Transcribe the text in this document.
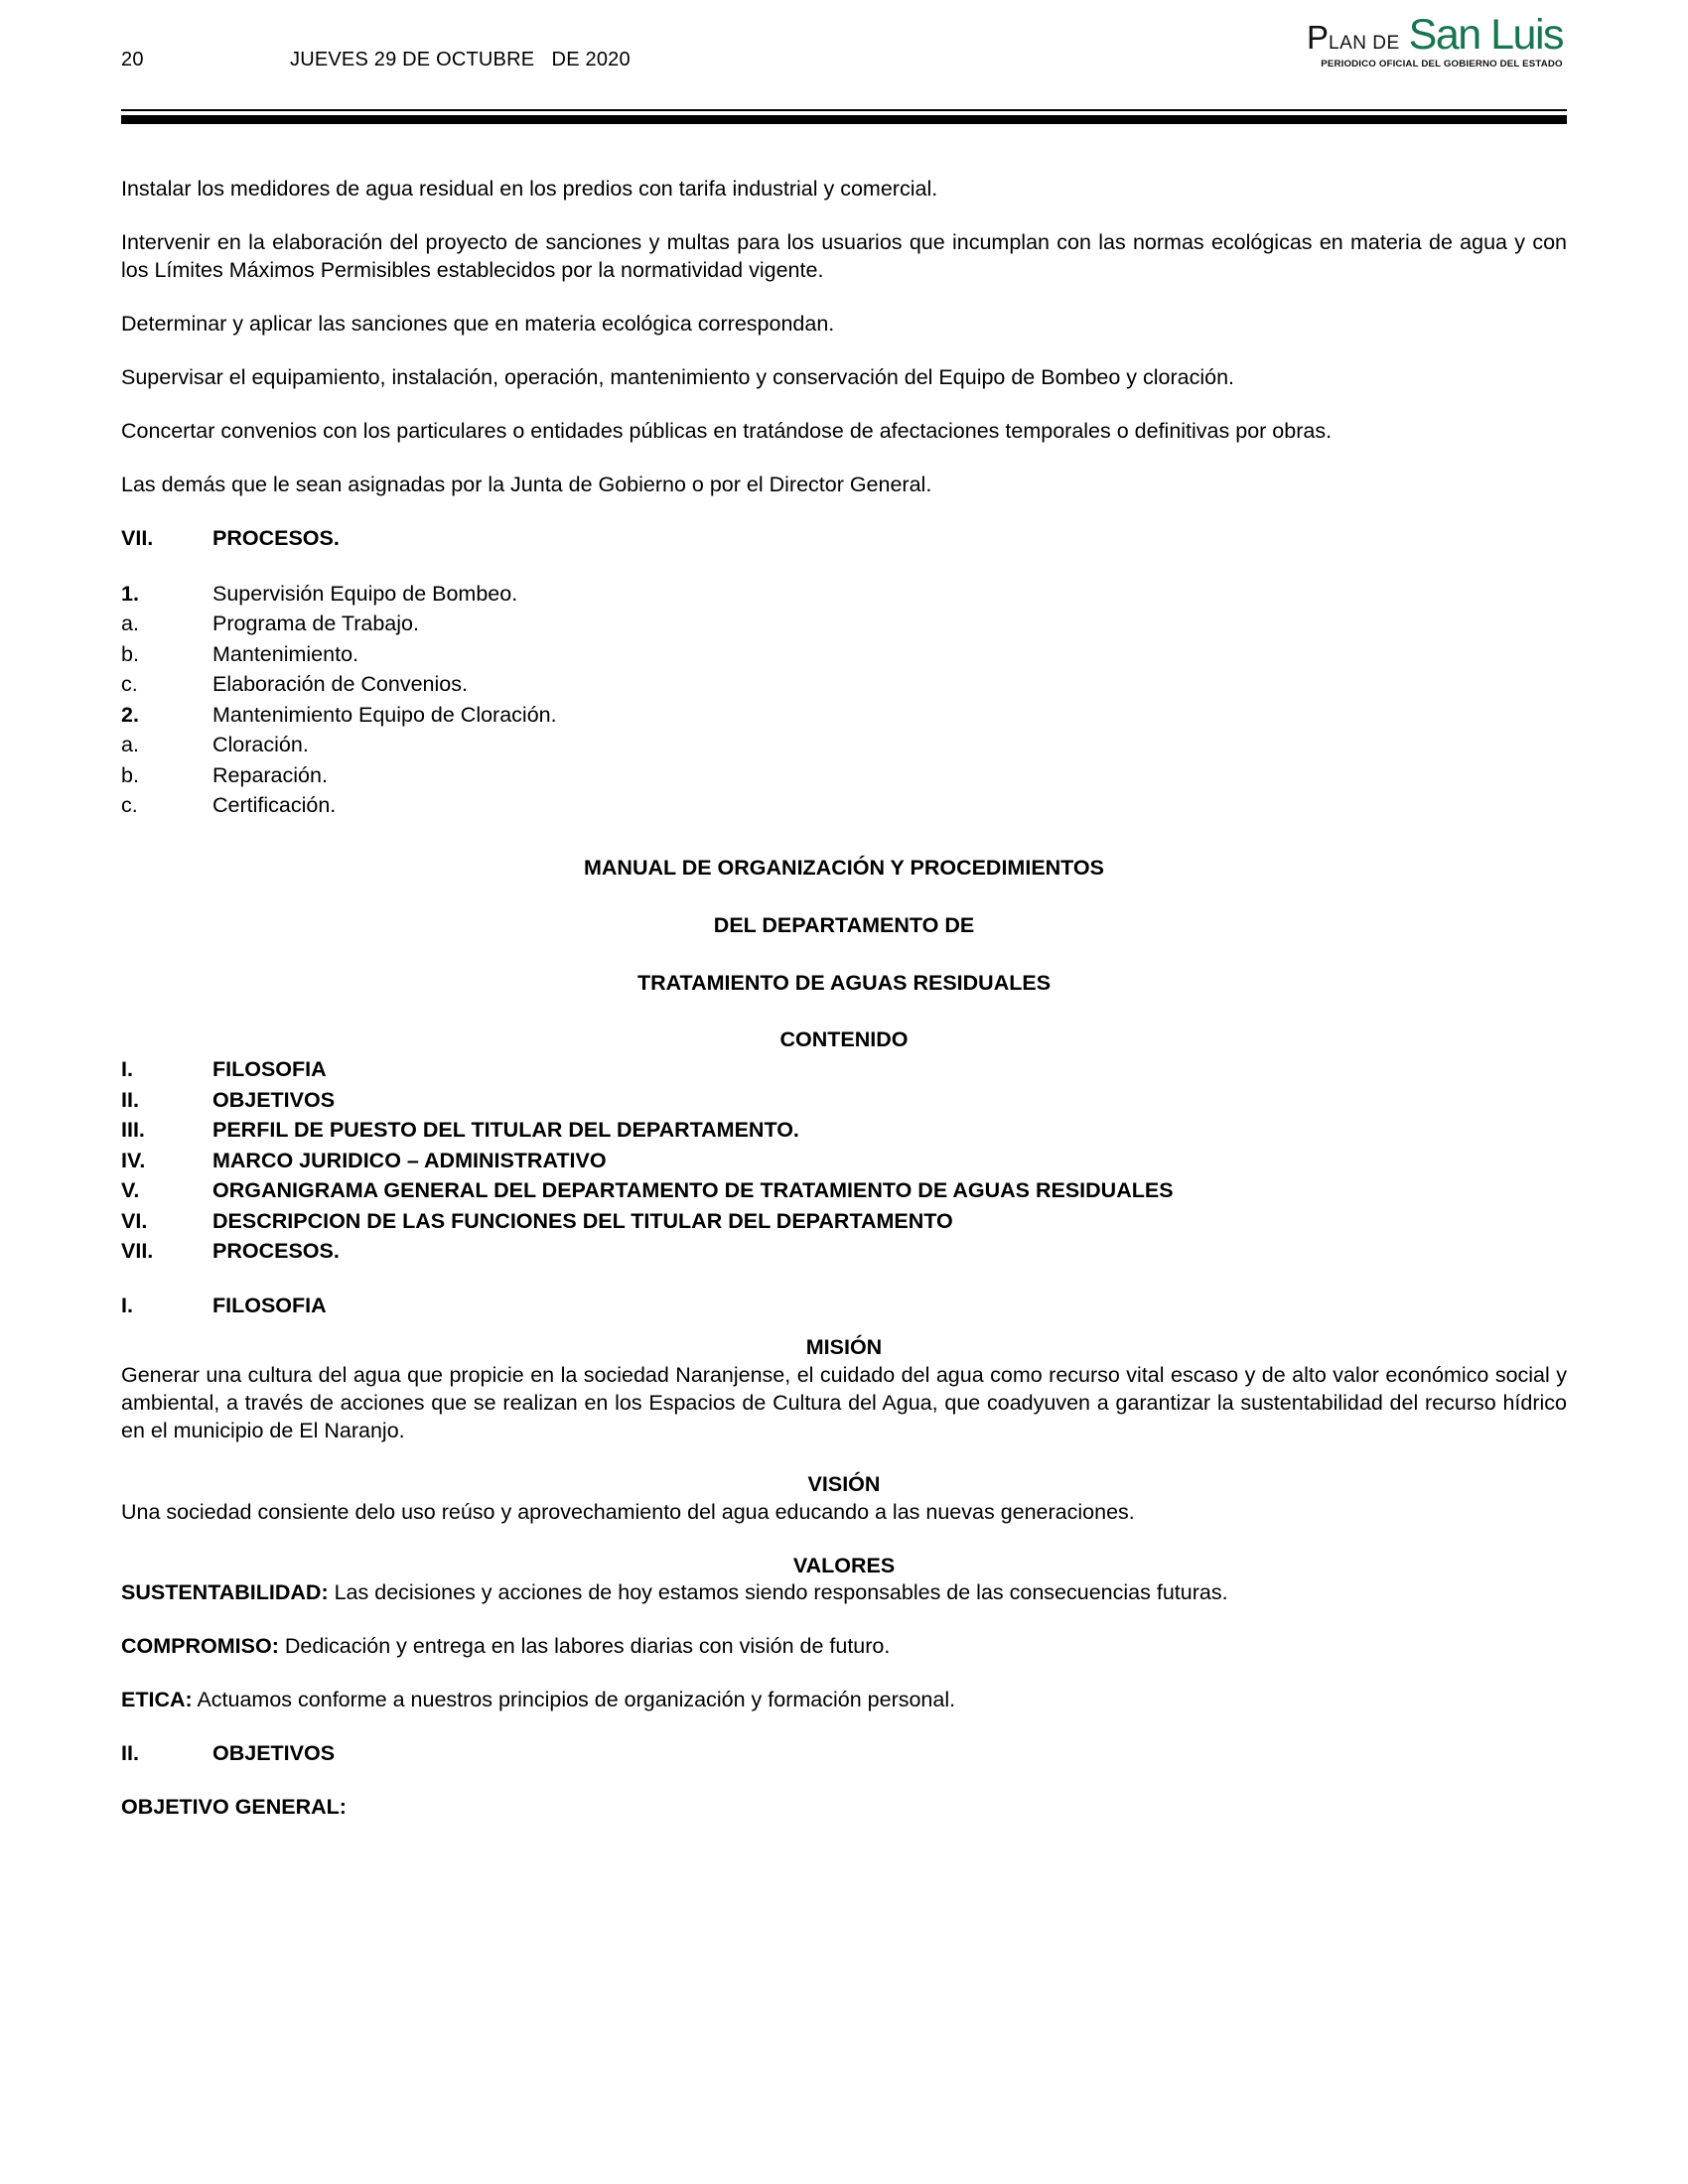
20	JUEVES 29 DE OCTUBRE   DE 2020
P LAN DE San Luis
PERIODICO OFICIAL DEL GOBIERNO DEL ESTADO

Instalar los medidores de agua residual en los predios con tarifa industrial y comercial.

Intervenir en la elaboración del proyecto de sanciones y multas para los usuarios que incumplan con las normas ecológicas en materia de agua y con los Límites Máximos Permisibles establecidos por la normatividad vigente.

Determinar y aplicar las sanciones que en materia ecológica correspondan.

Supervisar el equipamiento, instalación, operación, mantenimiento y conservación del Equipo de Bombeo y cloración.

Concertar convenios con los particulares o entidades públicas en tratándose de afectaciones temporales o definitivas por obras.

Las demás que le sean asignadas por la Junta de Gobierno o por el Director General.

VII.	PROCESOS.
1.	Supervisión Equipo de Bombeo.
a.	Programa de Trabajo.
b.	Mantenimiento.
c.	Elaboración de Convenios.
2.	Mantenimiento Equipo de Cloración.
a.	Cloración.
b.	Reparación.
c.	Certificación.
MANUAL DE ORGANIZACIÓN Y PROCEDIMIENTOS
DEL DEPARTAMENTO DE
TRATAMIENTO DE AGUAS RESIDUALES
CONTENIDO
I.	FILOSOFIA
II.	OBJETIVOS
III.	PERFIL DE PUESTO DEL TITULAR DEL DEPARTAMENTO.
IV.	MARCO JURIDICO – ADMINISTRATIVO
V.	ORGANIGRAMA GENERAL DEL DEPARTAMENTO DE TRATAMIENTO DE AGUAS RESIDUALES
VI.	DESCRIPCION DE LAS FUNCIONES DEL TITULAR DEL DEPARTAMENTO
VII.	PROCESOS.
I.	FILOSOFIA
MISIÓN

Generar una cultura del agua que propicie en la sociedad Naranjense, el cuidado del agua como recurso vital escaso y de alto valor económico social y ambiental, a través de acciones que se realizan en los Espacios de Cultura del Agua, que coadyuven a garantizar la sustentabilidad del recurso hídrico en el municipio de El Naranjo.

VISIÓN

Una sociedad consiente delo uso reúso y aprovechamiento del agua educando a las nuevas generaciones.

VALORES

SUSTENTABILIDAD: Las decisiones y acciones de hoy estamos siendo responsables de las consecuencias futuras.

COMPROMISO: Dedicación y entrega en las labores diarias con visión de futuro.

ETICA: Actuamos conforme a nuestros principios de organización y formación personal.

II.	OBJETIVOS
OBJETIVO GENERAL:
